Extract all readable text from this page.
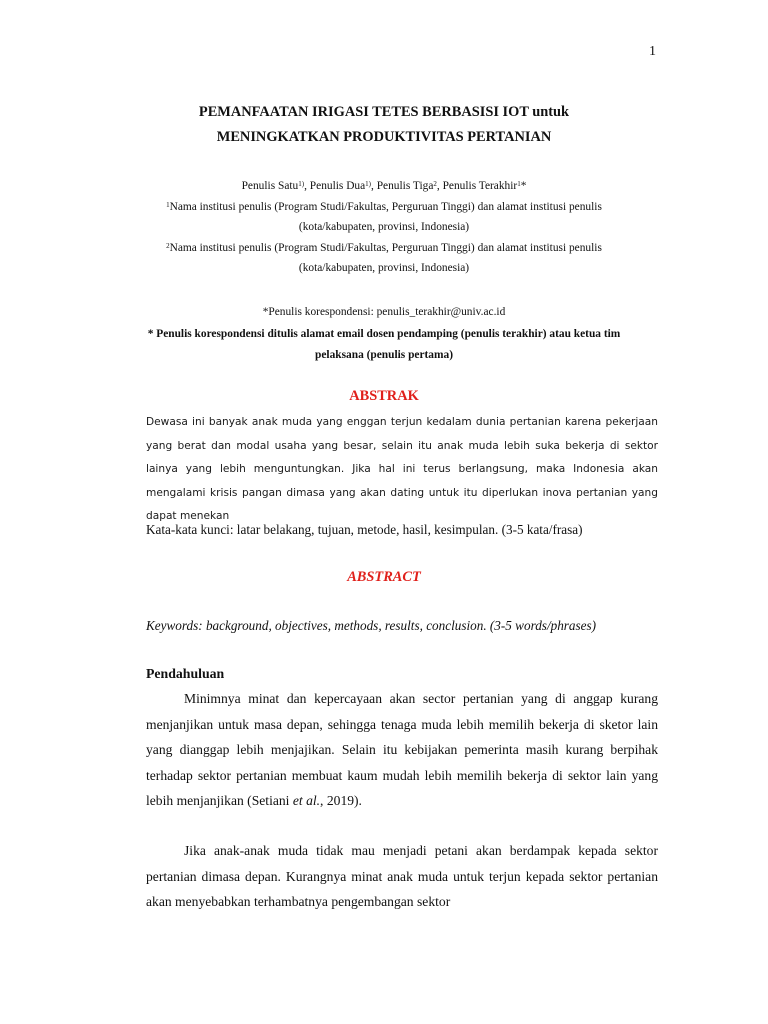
1
PEMANFAATAN IRIGASI TETES BERBASISI IOT untuk
MENINGKATKAN PRODUKTIVITAS PERTANIAN
Penulis Satu$^{1)}$, Penulis Dua$^{1)}$, Penulis Tiga$^2$, Penulis Terakhir$^1$*
$^1$Nama institusi penulis (Program Studi/Fakultas, Perguruan Tinggi) dan alamat institusi penulis
(kota/kabupaten, provinsi, Indonesia)
$^2$Nama institusi penulis (Program Studi/Fakultas, Perguruan Tinggi) dan alamat institusi penulis
(kota/kabupaten, provinsi, Indonesia)
*Penulis korespondensi: penulis_terakhir@univ.ac.id
* Penulis korespondensi ditulis alamat email dosen pendamping (penulis terakhir) atau ketua tim pelaksana (penulis pertama)
ABSTRAK
Dewasa ini banyak anak muda yang enggan terjun kedalam dunia pertanian karena pekerjaan yang berat dan modal usaha yang besar, selain itu anak muda lebih suka bekerja di sektor lainya yang lebih menguntungkan. Jika hal ini terus berlangsung, maka Indonesia akan mengalami krisis pangan dimasa yang akan dating untuk itu diperlukan inova pertanian yang dapat menekan
Kata-kata kunci: latar belakang, tujuan, metode, hasil, kesimpulan. (3-5 kata/frasa)
ABSTRACT
Keywords: background, objectives, methods, results, conclusion. (3-5 words/phrases)
Pendahuluan
Minimnya minat dan kepercayaan akan sector pertanian yang di anggap kurang menjanjikan untuk masa depan, sehingga tenaga muda lebih memilih bekerja di sketor lain yang dianggap lebih menjajikan. Selain itu kebijakan pemerinta masih kurang berpihak terhadap sektor pertanian membuat kaum mudah lebih memilih bekerja di sektor lain yang lebih menjanjikan (Setiani et al., 2019).
Jika anak-anak muda tidak mau menjadi petani akan berdampak kepada sektor pertanian dimasa depan. Kurangnya minat anak muda untuk terjun kepada sektor pertanian akan menyebabkan terhambatnya pengembangan sektor
